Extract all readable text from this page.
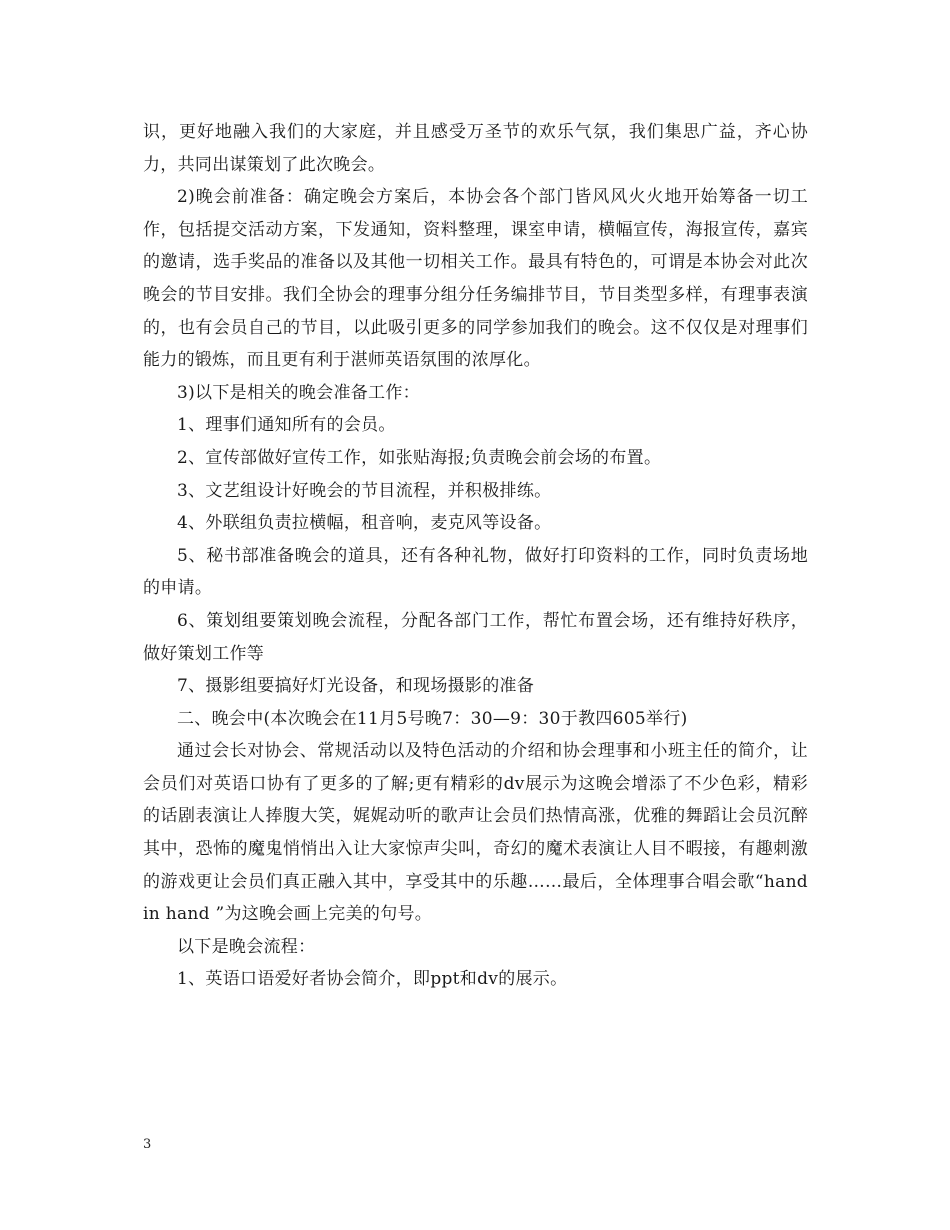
识，更好地融入我们的大家庭，并且感受万圣节的欢乐气氛，我们集思广益，齐心协力，共同出谋策划了此次晚会。

2)晚会前准备：确定晚会方案后，本协会各个部门皆风风火火地开始筹备一切工作，包括提交活动方案，下发通知，资料整理，课室申请，横幅宣传，海报宣传，嘉宾的邀请，选手奖品的准备以及其他一切相关工作。最具有特色的，可谓是本协会对此次晚会的节目安排。我们全协会的理事分组分任务编排节目，节目类型多样，有理事表演的，也有会员自己的节目，以此吸引更多的同学参加我们的晚会。这不仅仅是对理事们能力的锻炼，而且更有利于湛师英语氛围的浓厚化。

3)以下是相关的晚会准备工作：

1、理事们通知所有的会员。

2、宣传部做好宣传工作，如张贴海报;负责晚会前会场的布置。

3、文艺组设计好晚会的节目流程，并积极排练。

4、外联组负责拉横幅，租音响，麦克风等设备。

5、秘书部准备晚会的道具，还有各种礼物，做好打印资料的工作，同时负责场地的申请。

6、策划组要策划晚会流程，分配各部门工作，帮忙布置会场，还有维持好秩序，做好策划工作等

7、摄影组要搞好灯光设备，和现场摄影的准备

二、晚会中(本次晚会在11月5号晚7：30—9：30于教四605举行)

通过会长对协会、常规活动以及特色活动的介绍和协会理事和小班主任的简介，让会员们对英语口协有了更多的了解;更有精彩的dv展示为这晚会增添了不少色彩，精彩的话剧表演让人捧腹大笑，娓娓动听的歌声让会员们热情高涨，优雅的舞蹈让会员沉醉其中，恐怖的魔鬼悄悄出入让大家惊声尖叫，奇幻的魔术表演让人目不暇接，有趣刺激的游戏更让会员们真正融入其中，享受其中的乐趣……最后，全体理事合唱会歌“hand in hand ”为这晚会画上完美的句号。

以下是晚会流程：

1、英语口语爱好者协会简介，即ppt和dv的展示。

3
